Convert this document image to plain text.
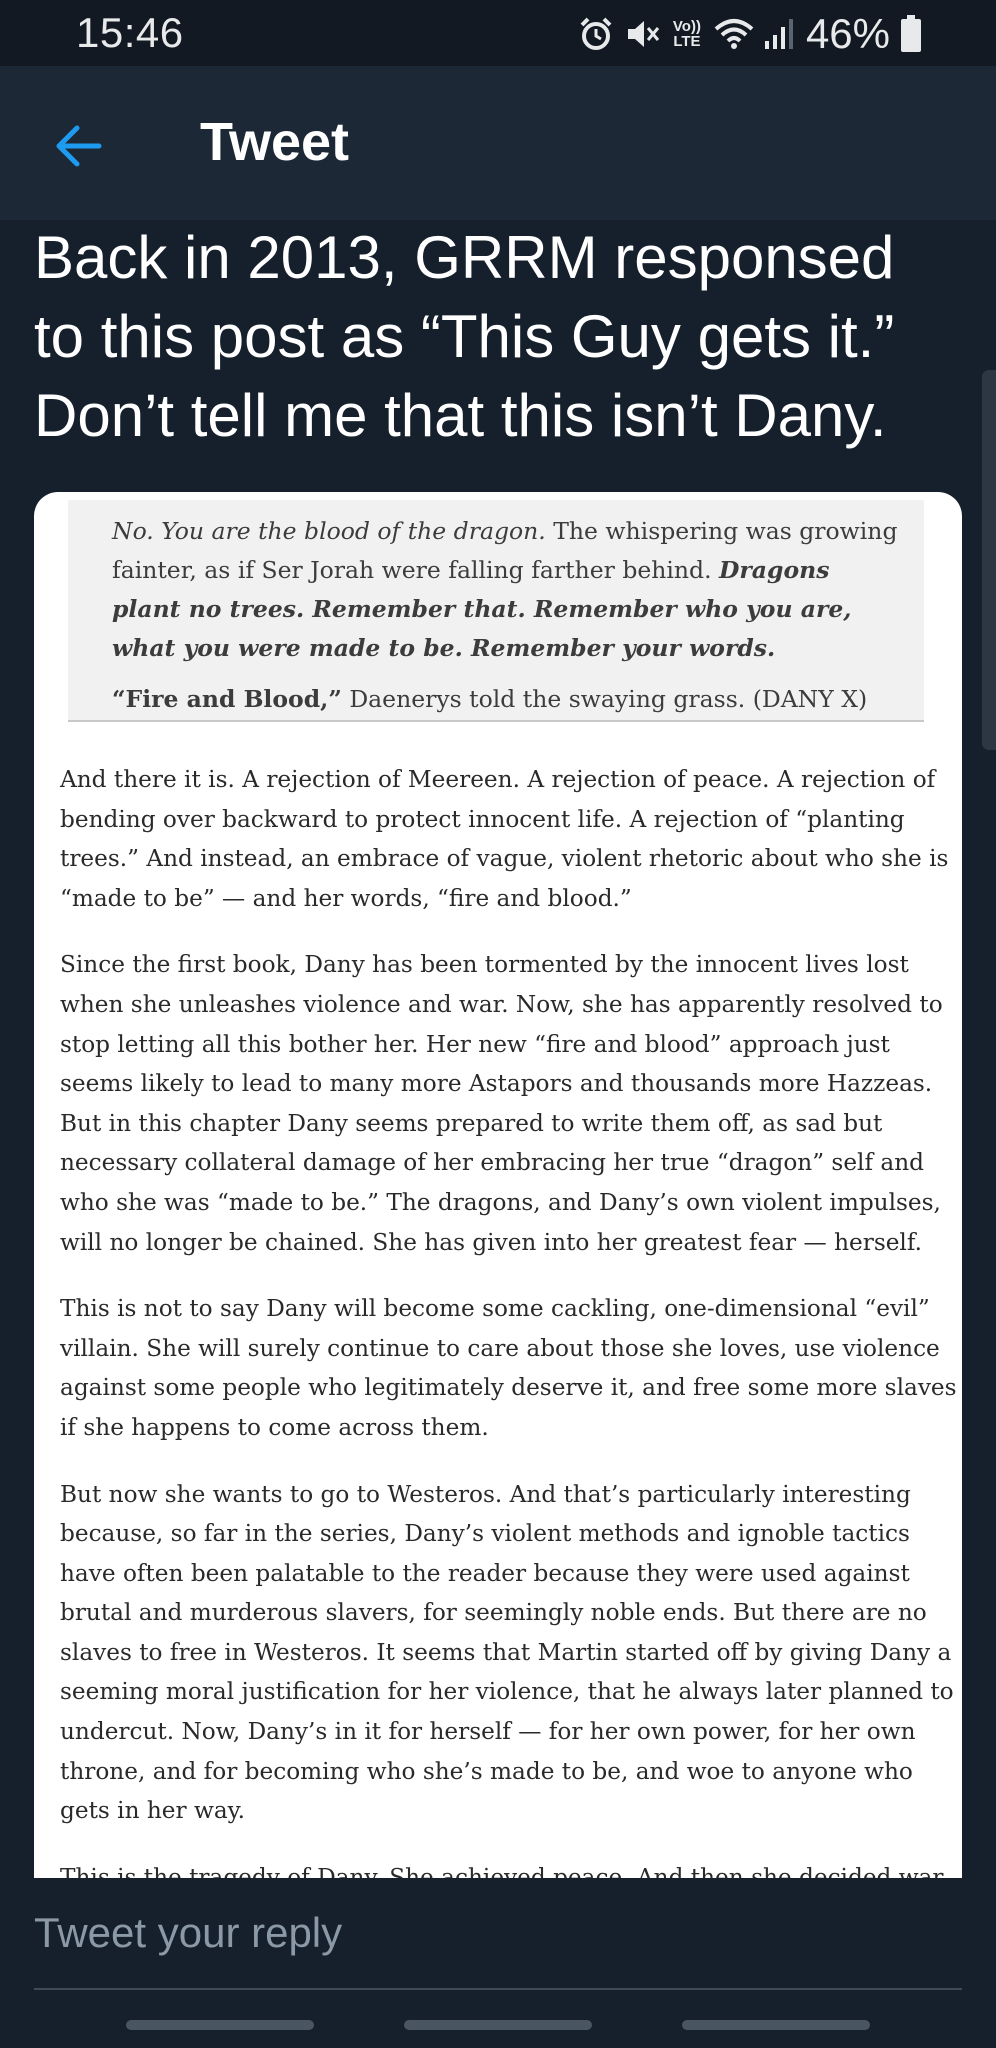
15:46	Vo))
LTE	46%
Tweet

Back in 2013, GRRM responsed to this post as “This Guy gets it.” Don’t tell me that this isn’t Dany.

No. You are the blood of the dragon. The whispering was growing fainter, as if Ser Jorah were falling farther behind. Dragons plant no trees. Remember that. Remember who you are, what you were made to be. Remember your words.

“Fire and Blood,” Daenerys told the swaying grass. (DANY X)

And there it is. A rejection of Meereen. A rejection of peace. A rejection of bending over backward to protect innocent life. A rejection of “planting trees.” And instead, an embrace of vague, violent rhetoric about who she is “made to be” — and her words, “fire and blood.”

Since the first book, Dany has been tormented by the innocent lives lost when she unleashes violence and war. Now, she has apparently resolved to stop letting all this bother her. Her new “fire and blood” approach just seems likely to lead to many more Astapors and thousands more Hazzeas. But in this chapter Dany seems prepared to write them off, as sad but necessary collateral damage of her embracing her true “dragon” self and who she was “made to be.” The dragons, and Dany’s own violent impulses, will no longer be chained. She has given into her greatest fear — herself.

This is not to say Dany will become some cackling, one-dimensional “evil” villain. She will surely continue to care about those she loves, use violence against some people who legitimately deserve it, and free some more slaves if she happens to come across them.

But now she wants to go to Westeros. And that’s particularly interesting because, so far in the series, Dany’s violent methods and ignoble tactics have often been palatable to the reader because they were used against brutal and murderous slavers, for seemingly noble ends. But there are no slaves to free in Westeros. It seems that Martin started off by giving Dany a seeming moral justification for her violence, that he always later planned to undercut. Now, Dany’s in it for herself — for her own power, for her own throne, and for becoming who she’s made to be, and woe to anyone who gets in her way.

Tweet your reply
